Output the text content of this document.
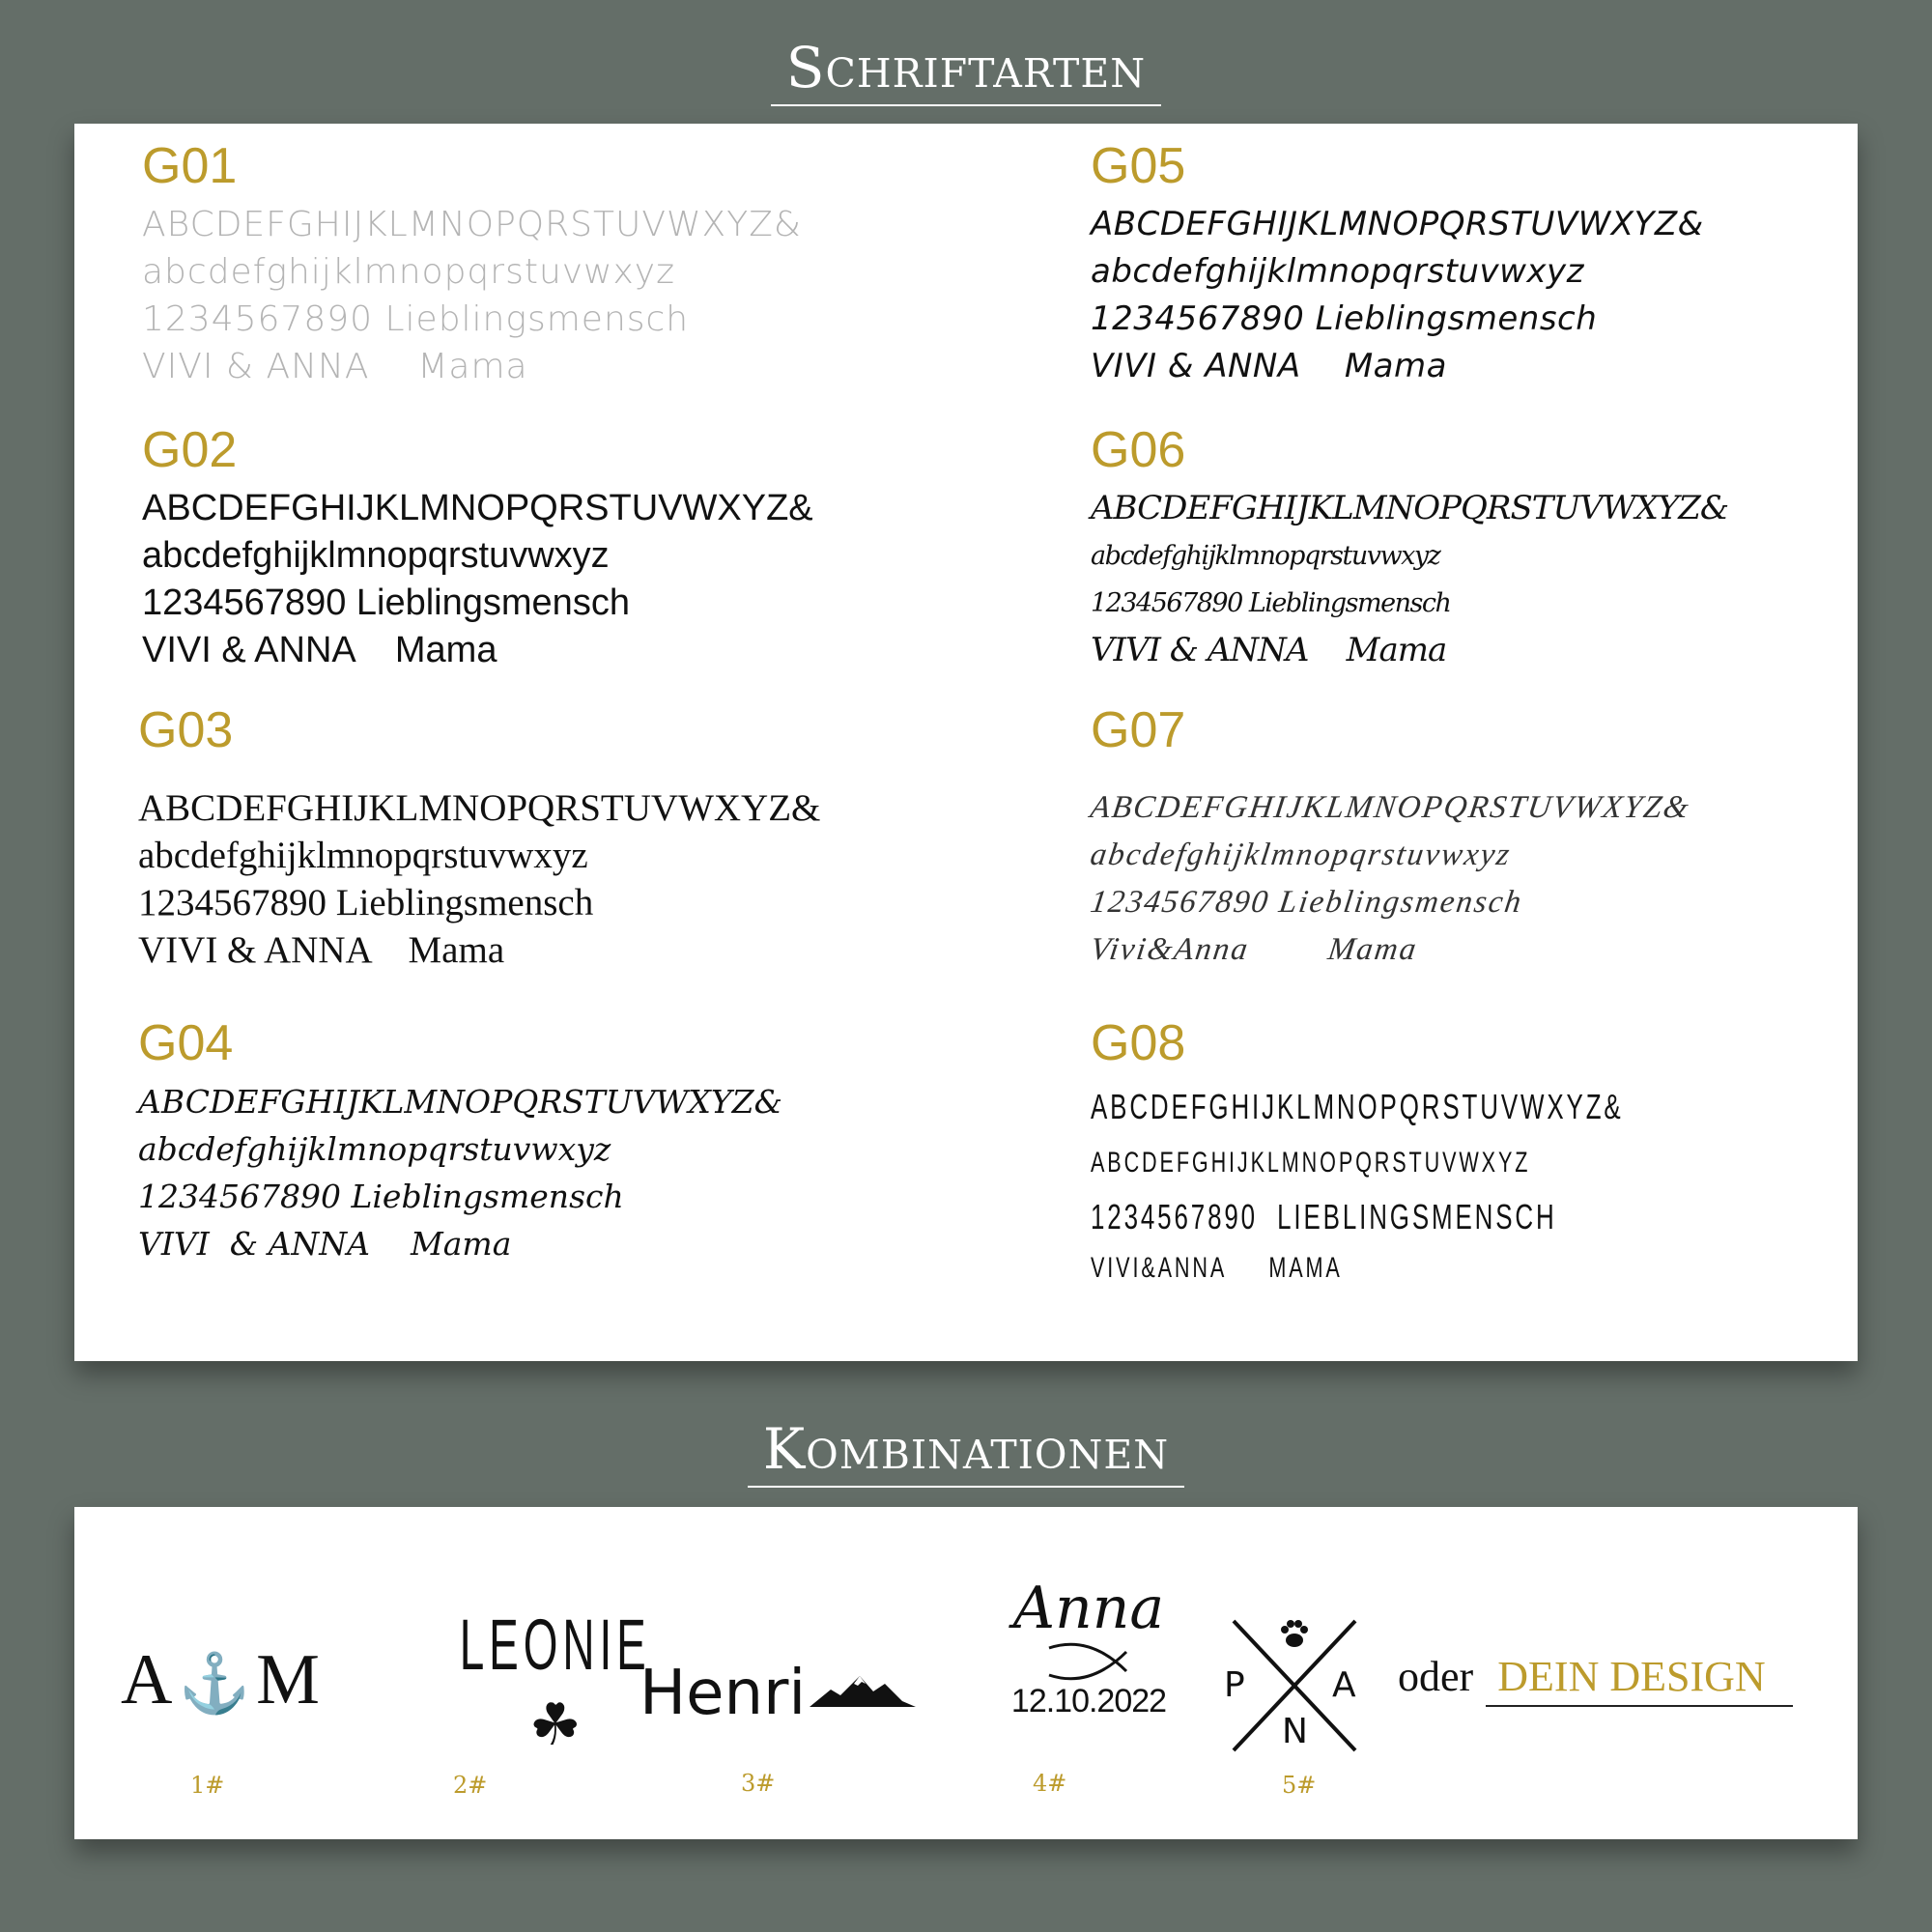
Schriftarten
G01
ABCDEFGHIJKLMNOPQRSTUVWXYZ&
abcdefghijklmnopqrstuvwxyz
1234567890 Lieblingsmensch
VIVI & ANNA    Mama
G02
ABCDEFGHIJKLMNOPQRSTUVWXYZ&
abcdefghijklmnopqrstuvwxyz
1234567890 Lieblingsmensch
VIVI & ANNA    Mama
G03
ABCDEFGHIJKLMNOPQRSTUVWXYZ&
abcdefghijklmnopqrstuvwxyz
1234567890 Lieblingsmensch
VIVI & ANNA    Mama
G04
ABCDEFGHIJKLMNOPQRSTUVWXYZ&
abcdefghijklmnopqrstuvwxyz
1234567890 Lieblingsmensch
VIVI  & ANNA    Mama
G05
ABCDEFGHIJKLMNOPQRSTUVWXYZ&
abcdefghijklmnopqrstuvwxyz
1234567890 Lieblingsmensch
VIVI & ANNA    Mama
G06
ABCDEFGHIJKLMNOPQRSTUVWXYZ&
abcdefghijklmnopqrstuvwxyz
1234567890 Lieblingsmensch
VIVI & ANNA    Mama
G07
ABCDEFGHIJKLMNOPQRSTUVWXYZ&
abcdefghijklmnopqrstuvwxyz
1234567890 Lieblingsmensch
Vivi&Anna        Mama
G08
ABCDEFGHIJKLMNOPQRSTUVWXYZ&
ABCDEFGHIJKLMNOPQRSTUVWXYZ
1234567890  LIEBLINGSMENSCH
VIVI&ANNA     MAMA
Kombinationen
A ⚓M
1#
LEONIE
☘
2#
Henri
3#
Anna
12.10.2022
4#
P	A
N
5#
oder DEIN DESIGN
